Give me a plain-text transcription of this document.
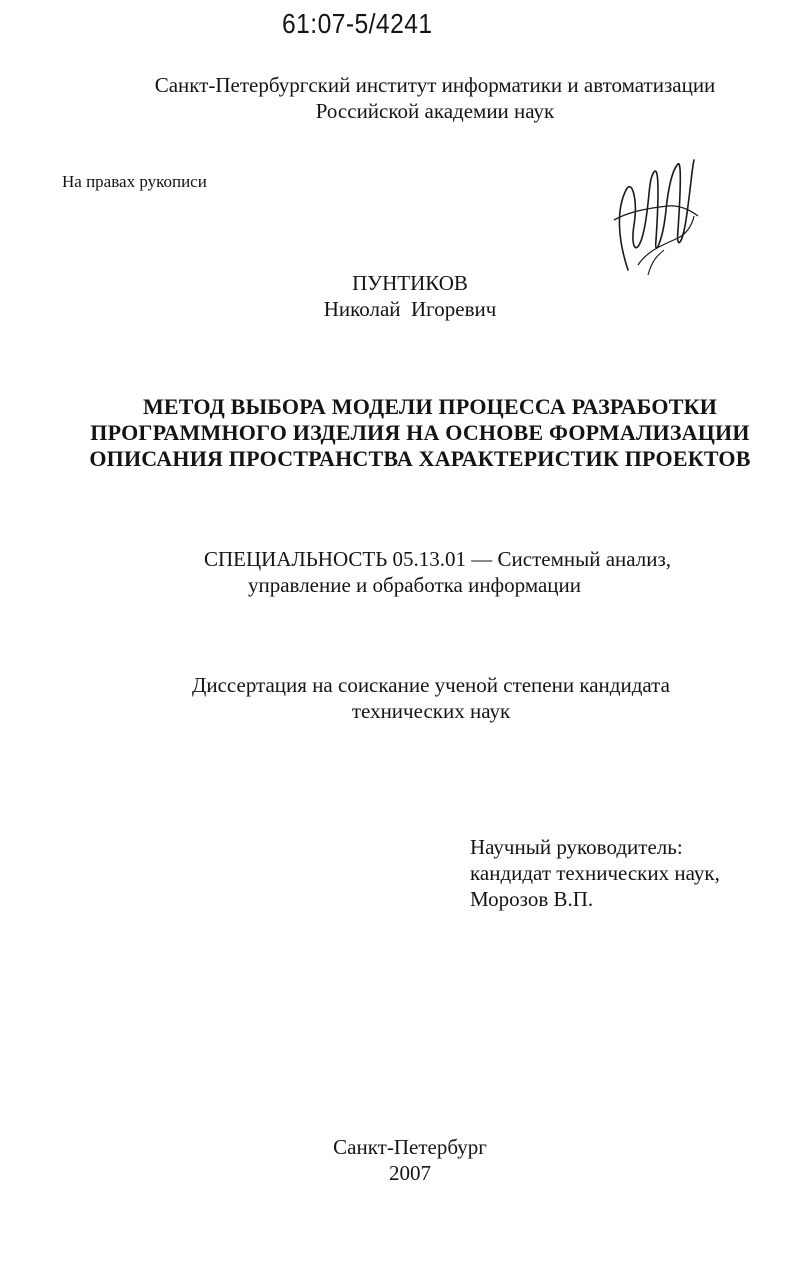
61:07-5/4241
Санкт-Петербургский институт информатики и автоматизации
Российской академии наук
На правах рукописи
ПУНТИКОВ
Николай  Игоревич
МЕТОД ВЫБОРА МОДЕЛИ ПРОЦЕССА РАЗРАБОТКИ
ПРОГРАММНОГО ИЗДЕЛИЯ НА ОСНОВЕ ФОРМАЛИЗАЦИИ
ОПИСАНИЯ ПРОСТРАНСТВА ХАРАКТЕРИСТИК ПРОЕКТОВ
СПЕЦИАЛЬНОСТЬ 05.13.01 — Системный анализ,
управление и обработка информации
Диссертация на соискание ученой степени кандидата
технических наук
Научный руководитель:
кандидат технических наук,
Морозов В.П.
Санкт-Петербург
2007
